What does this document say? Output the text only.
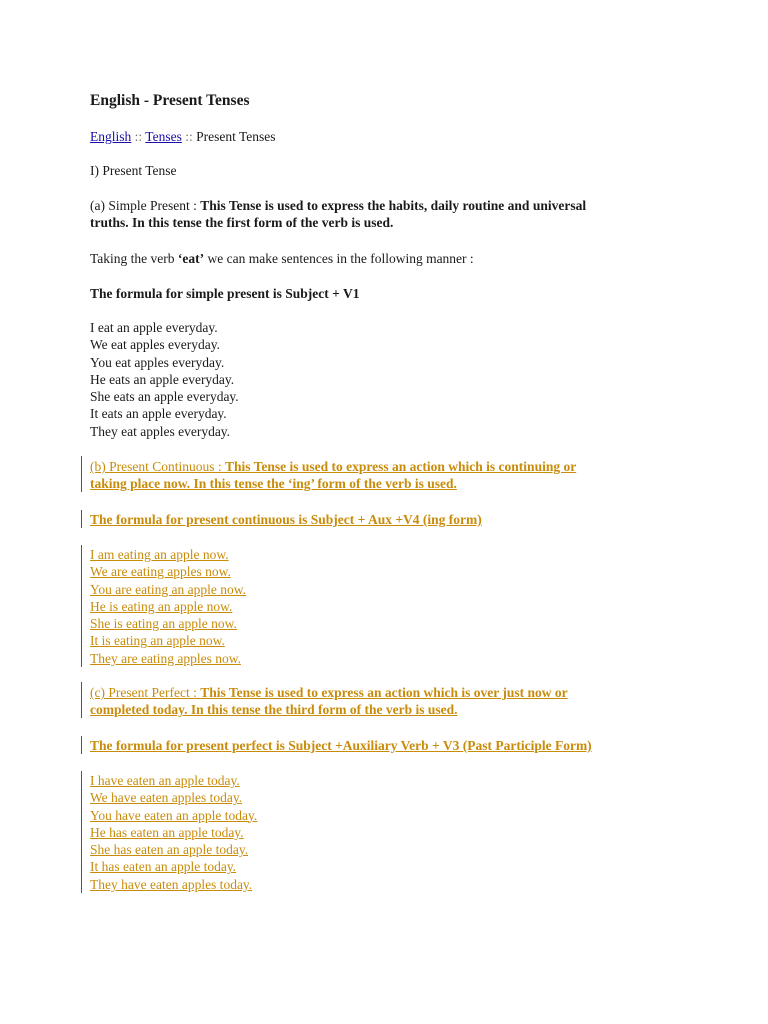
English - Present Tenses
English :: Tenses :: Present Tenses
I) Present Tense
(a) Simple Present : This Tense is used to express the habits, daily routine and universal
truths. In this tense the first form of the verb is used.
Taking the verb ‘eat’ we can make sentences in the following manner :
The formula for simple present is Subject + V1
I eat an apple everyday.
We eat apples everyday.
You eat apples everyday.
He eats an apple everyday.
She eats an apple everyday.
It eats an apple everyday.
They eat apples everyday.
(b) Present Continuous : This Tense is used to express an action which is continuing or
taking place now. In this tense the ‘ing’ form of the verb is used.
The formula for present continuous is Subject + Aux +V4 (ing form)
I am eating an apple now.
We are eating apples now.
You are eating an apple now.
He is eating an apple now.
She is eating an apple now.
It is eating an apple now.
They are eating apples now.
(c) Present Perfect : This Tense is used to express an action which is over just now or
completed today. In this tense the third form of the verb is used.
The formula for present perfect is Subject +Auxiliary Verb + V3 (Past Participle Form)
I have eaten an apple today.
We have eaten apples today.
You have eaten an apple today.
He has eaten an apple today.
She has eaten an apple today.
It has eaten an apple today.
They have eaten apples today.
